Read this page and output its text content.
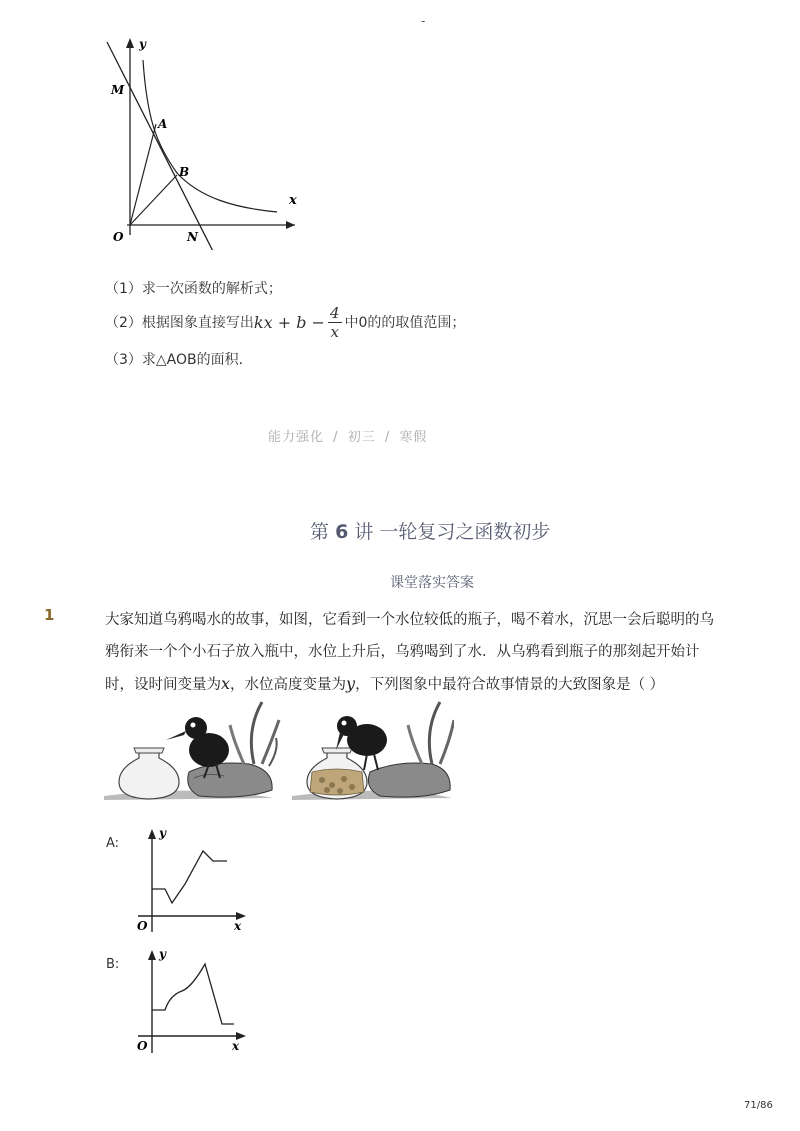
-
y
x
M
A
B
O	N
（1）求一次函数的解析式；
（2）根据图象直接写出 kx + $b - \frac{4}{x}$ 中0的 的取值范围；
（3）求△AOB的面积．
能力强化 / 初三 / 寒假
第 6 讲 一轮复习之函数初步
课堂落实答案
1	大家知道乌鸦喝水的故事，如图，它看到一个水位较低的瓶子，喝不着水，沉思一会后聪明的乌鸦衔来一个个小石子放入瓶中，水位上升后，乌鸦喝到了水．从乌鸦看到瓶子的那刻起开始计时，设时间变量为x，水位高度变量为y，下列图象中最符合故事情景的大致图象是（ ）
A:
y
x
O
B:
y
x
O
71/86
